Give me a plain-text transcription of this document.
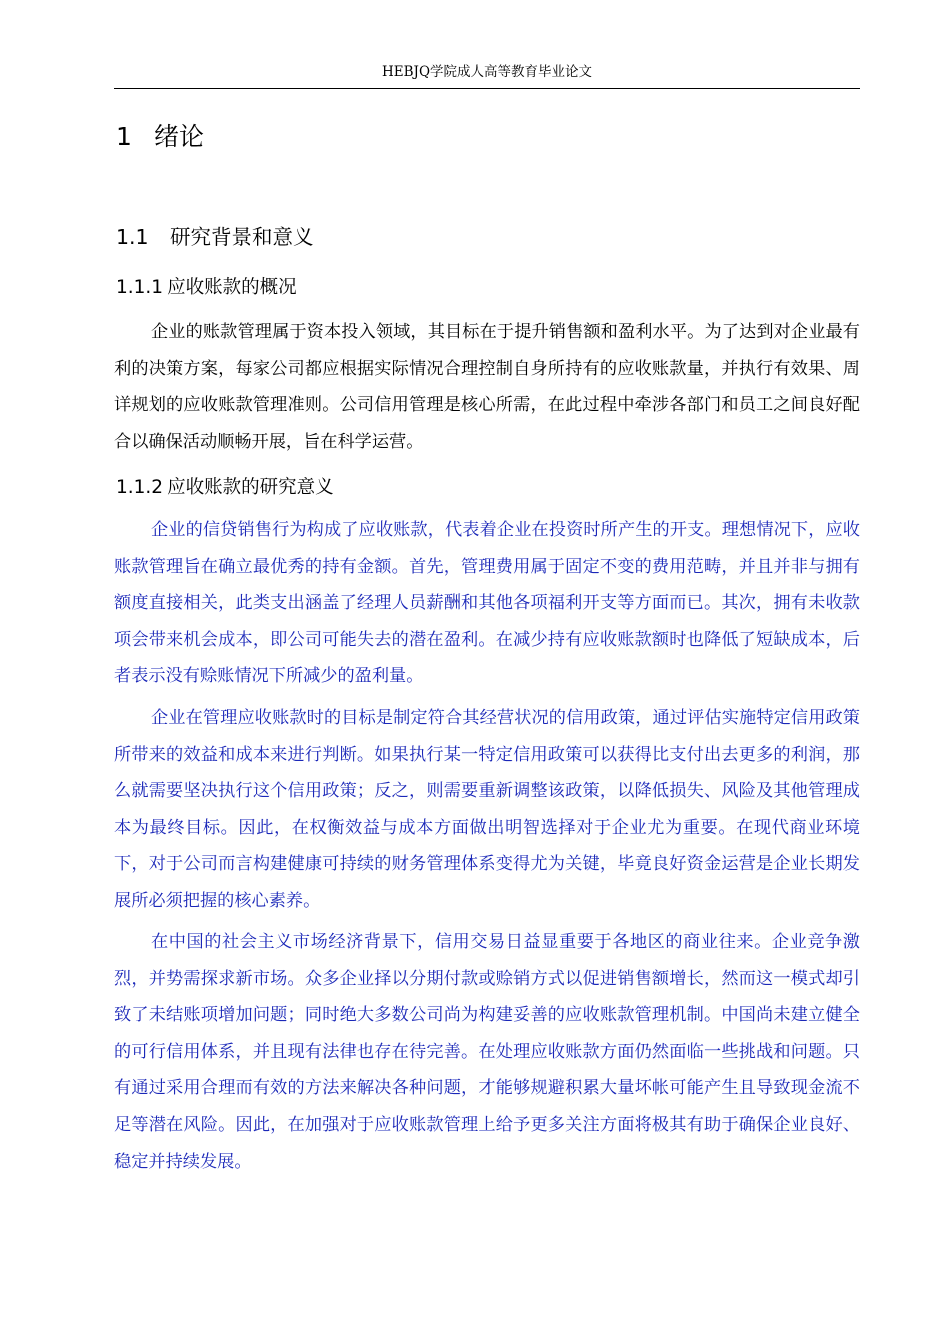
HEBJQ学院成人高等教育毕业论文
1 绪论
1.1 研究背景和意义
1.1.1 应收账款的概况

企业的账款管理属于资本投入领域，其目标在于提升销售额和盈利水平。为了达到对企业最有利的决策方案，每家公司都应根据实际情况合理控制自身所持有的应收账款量，并执行有效果、周详规划的应收账款管理准则。公司信用管理是核心所需，在此过程中牵涉各部门和员工之间良好配合以确保活动顺畅开展，旨在科学运营。

1.1.2 应收账款的研究意义

企业的信贷销售行为构成了应收账款，代表着企业在投资时所产生的开支。理想情况下，应收账款管理旨在确立最优秀的持有金额。首先，管理费用属于固定不变的费用范畴，并且并非与拥有额度直接相关，此类支出涵盖了经理人员薪酬和其他各项福利开支等方面而已。其次，拥有未收款项会带来机会成本，即公司可能失去的潜在盈利。在减少持有应收账款额时也降低了短缺成本，后者表示没有赊账情况下所减少的盈利量。

企业在管理应收账款时的目标是制定符合其经营状况的信用政策，通过评估实施特定信用政策所带来的效益和成本来进行判断。如果执行某一特定信用政策可以获得比支付出去更多的利润，那么就需要坚决执行这个信用政策；反之，则需要重新调整该政策，以降低损失、风险及其他管理成本为最终目标。因此，在权衡效益与成本方面做出明智选择对于企业尤为重要。在现代商业环境下，对于公司而言构建健康可持续的财务管理体系变得尤为关键，毕竟良好资金运营是企业长期发展所必须把握的核心素养。

在中国的社会主义市场经济背景下，信用交易日益显重要于各地区的商业往来。企业竞争激烈，并势需探求新市场。众多企业择以分期付款或赊销方式以促进销售额增长，然而这一模式却引致了未结账项增加问题；同时绝大多数公司尚为构建妥善的应收账款管理机制。中国尚未建立健全的可行信用体系，并且现有法律也存在待完善。在处理应收账款方面仍然面临一些挑战和问题。只有通过采用合理而有效的方法来解决各种问题，才能够规避积累大量坏帐可能产生且导致现金流不足等潜在风险。因此，在加强对于应收账款管理上给予更多关注方面将极其有助于确保企业良好、稳定并持续发展。
